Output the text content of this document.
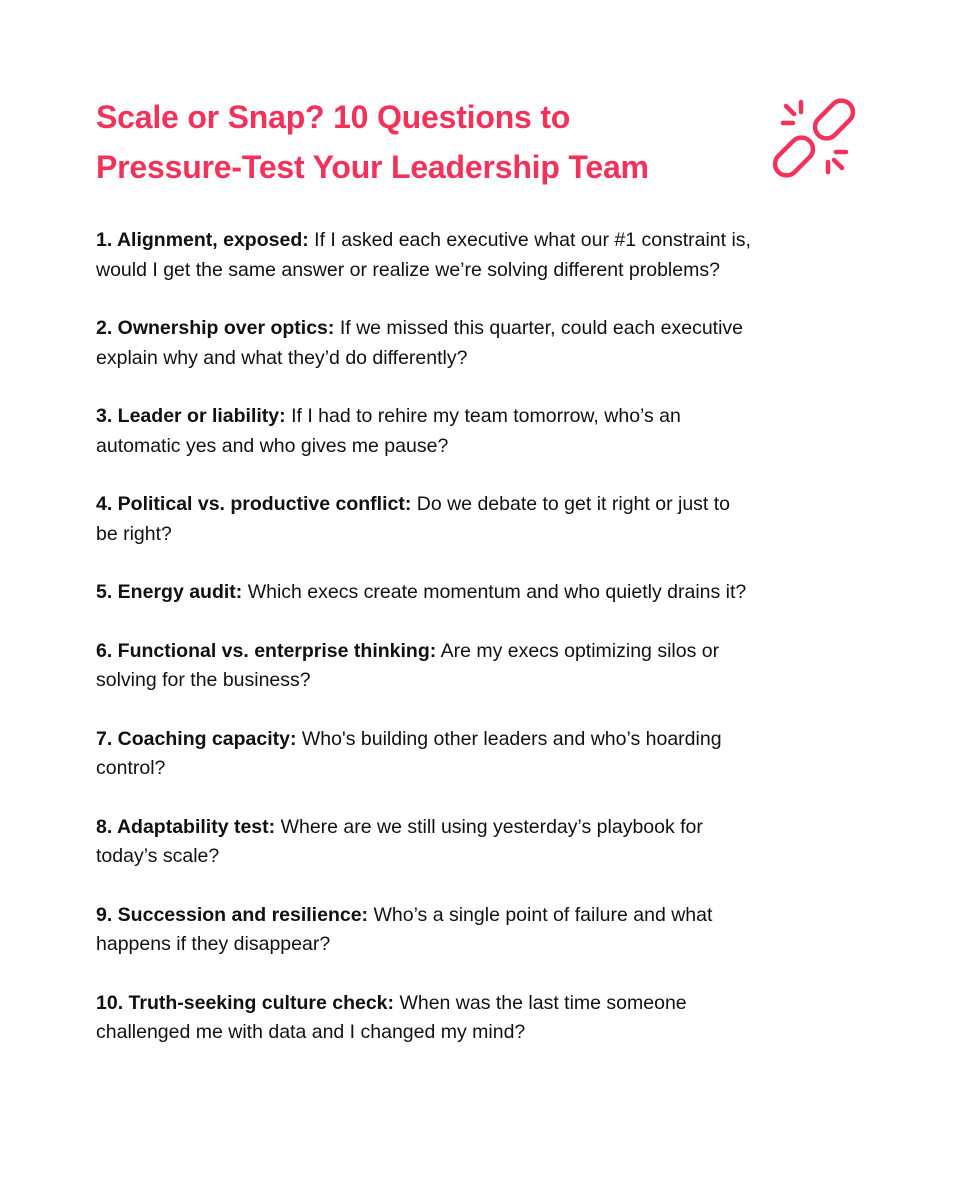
Scale or Snap? 10 Questions to
Pressure-Test Your Leadership Team
1. Alignment, exposed: If I asked each executive what our #1 constraint is, would I get the same answer or realize we’re solving different problems?
2. Ownership over optics: If we missed this quarter, could each executive explain why and what they’d do differently?
3. Leader or liability: If I had to rehire my team tomorrow, who’s an automatic yes and who gives me pause?
4. Political vs. productive conflict: Do we debate to get it right or just to be right?
5. Energy audit: Which execs create momentum and who quietly drains it?
6. Functional vs. enterprise thinking: Are my execs optimizing silos or solving for the business?
7. Coaching capacity: Who's building other leaders and who’s hoarding control?
8. Adaptability test: Where are we still using yesterday’s playbook for today’s scale?
9. Succession and resilience: Who’s a single point of failure and what happens if they disappear?
10. Truth-seeking culture check: When was the last time someone challenged me with data and I changed my mind?
